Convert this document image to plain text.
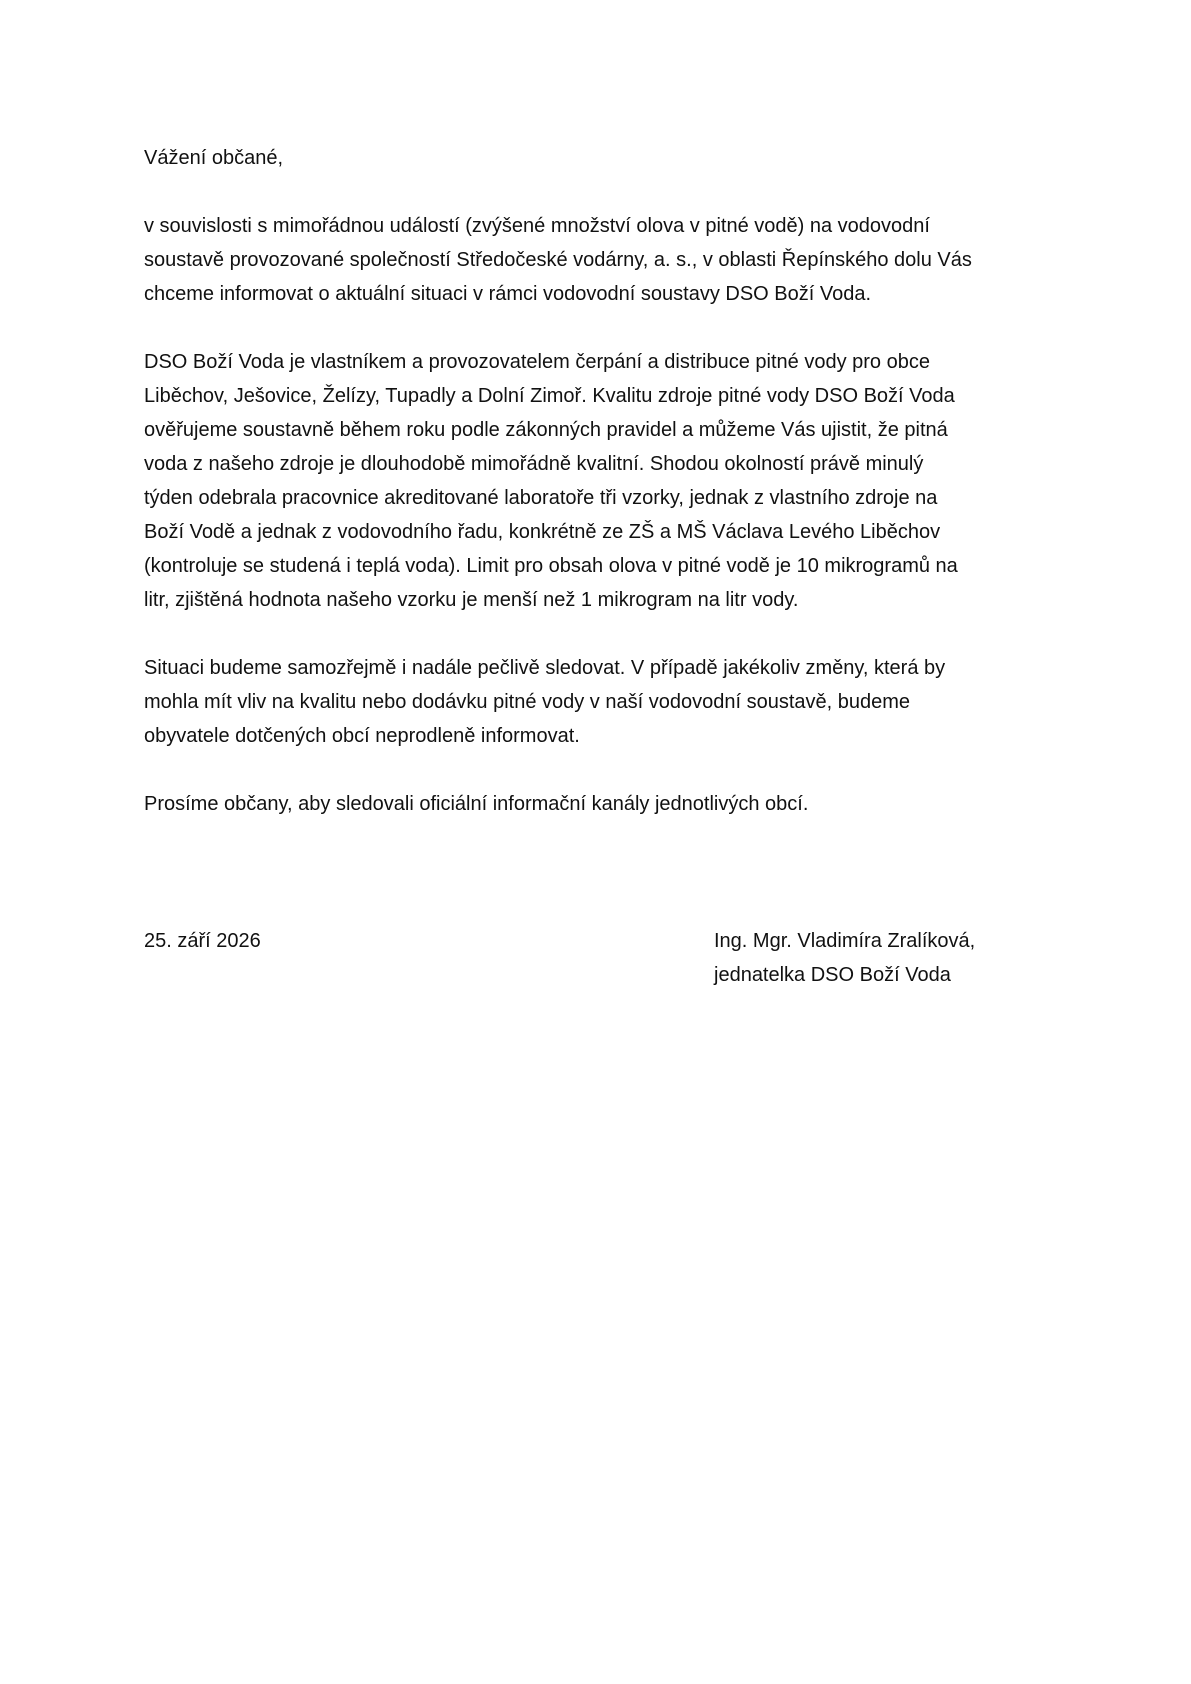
Vážení občané,

v souvislosti s mimořádnou událostí (zvýšené množství olova v pitné vodě) na vodovodní
soustavě provozované společností Středočeské vodárny, a. s., v oblasti Řepínského dolu Vás
chceme informovat o aktuální situaci v rámci vodovodní soustavy DSO Boží Voda.

DSO Boží Voda je vlastníkem a provozovatelem čerpání a distribuce pitné vody pro obce
Liběchov, Ješovice, Želízy, Tupadly a Dolní Zimoř. Kvalitu zdroje pitné vody DSO Boží Voda
ověřujeme soustavně během roku podle zákonných pravidel a můžeme Vás ujistit, že pitná
voda z našeho zdroje je dlouhodobě mimořádně kvalitní. Shodou okolností právě minulý
týden odebrala pracovnice akreditované laboratoře tři vzorky, jednak z vlastního zdroje na
Boží Vodě a jednak z vodovodního řadu, konkrétně ze ZŠ a MŠ Václava Levého Liběchov
(kontroluje se studená i teplá voda). Limit pro obsah olova v pitné vodě je 10 mikrogramů na
litr, zjištěná hodnota našeho vzorku je menší než 1 mikrogram na litr vody.

Situaci budeme samozřejmě i nadále pečlivě sledovat. V případě jakékoliv změny, která by
mohla mít vliv na kvalitu nebo dodávku pitné vody v naší vodovodní soustavě, budeme
obyvatele dotčených obcí neprodleně informovat.

Prosíme občany, aby sledovali oficiální informační kanály jednotlivých obcí.

25. září 2026	Ing. Mgr. Vladimíra Zralíková,
jednatelka DSO Boží Voda
